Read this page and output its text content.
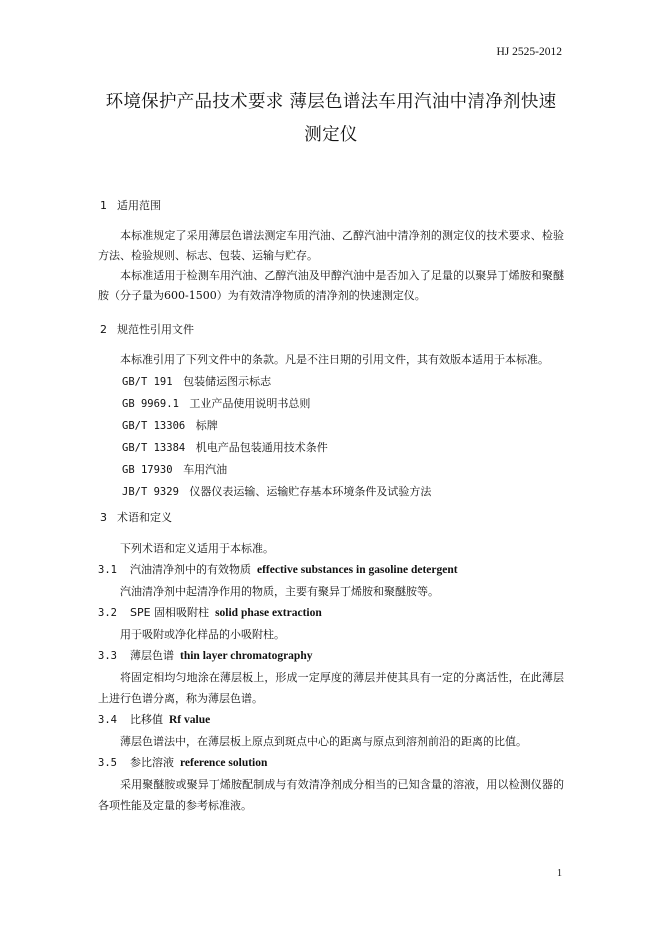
HJ 2525-2012
环境保护产品技术要求 薄层色谱法车用汽油中清净剂快速
测定仪
1 适用范围
本标准规定了采用薄层色谱法测定车用汽油、乙醇汽油中清净剂的测定仪的技术要求、检验方法、检验规则、标志、包装、运输与贮存。
本标准适用于检测车用汽油、乙醇汽油及甲醇汽油中是否加入了足量的以聚异丁烯胺和聚醚胺（分子量为600-1500）为有效清净物质的清净剂的快速测定仪。
2 规范性引用文件
本标准引用了下列文件中的条款。凡是不注日期的引用文件，其有效版本适用于本标准。
GB/T 191 包装储运图示标志
GB 9969.1 工业产品使用说明书总则
GB/T 13306 标牌
GB/T 13384 机电产品包装通用技术条件
GB 17930 车用汽油
JB/T 9329 仪器仪表运输、运输贮存基本环境条件及试验方法
3 术语和定义
下列术语和定义适用于本标准。
3.1 汽油清净剂中的有效物质 effective substances in gasoline detergent
汽油清净剂中起清净作用的物质，主要有聚异丁烯胺和聚醚胺等。
3.2 SPE 固相吸附柱 solid phase extraction
用于吸附或净化样品的小吸附柱。
3.3 薄层色谱 thin layer chromatography
将固定相均匀地涂在薄层板上，形成一定厚度的薄层并使其具有一定的分离活性，在此薄层上进行色谱分离，称为薄层色谱。
3.4 比移值 Rf value
薄层色谱法中，在薄层板上原点到斑点中心的距离与原点到溶剂前沿的距离的比值。
3.5 参比溶液 reference solution
采用聚醚胺或聚异丁烯胺配制成与有效清净剂成分相当的已知含量的溶液，用以检测仪器的各项性能及定量的参考标准液。
1
